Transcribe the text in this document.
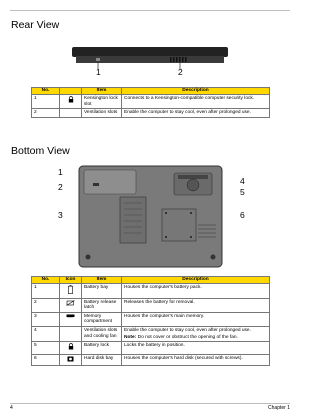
Rear View
1	2
No.		Item	Description
1		Kensington lock slot	Connects to a Kensington-compatible computer security lock.
2		Ventilation slots	Enable the computer to stay cool, even after prolonged use.
Bottom View
1
2
3
4
5
6
No.	Icon	Item	Description
1		Battery bay	Houses the computer's battery pack.
2		Battery release latch	Releases the battery for removal.
3		Memory compartment	Houses the computer's main memory.
4		Ventilation slots and cooling fan	Enable the computer to stay cool, even after prolonged use.
Note: Do not cover or obstruct the opening of the fan.

5		Battery lock	Locks the battery in position.
6		Hard disk bay	Houses the computer's hard disk (secured with screws).
4	Chapter 1
